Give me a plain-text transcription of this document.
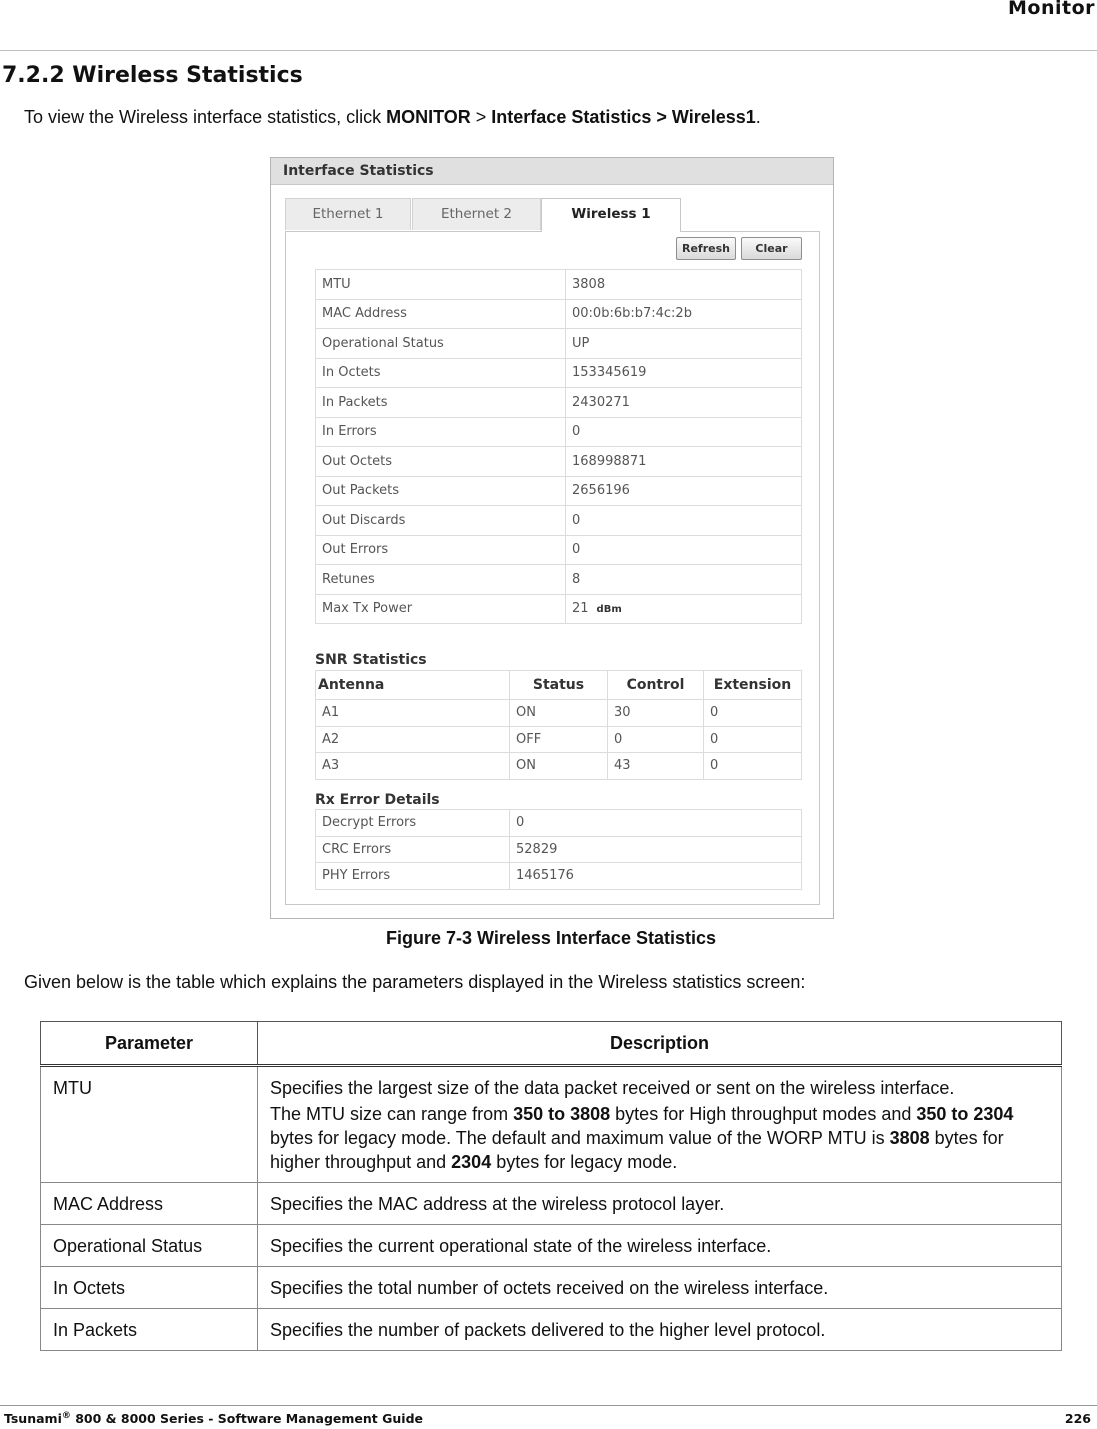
Monitor
7.2.2 Wireless Statistics
To view the Wireless interface statistics, click MONITOR > Interface Statistics > Wireless1.
Interface Statistics
Ethernet 1	Ethernet 2	Wireless 1
Refresh	Clear
MTU	3808
MAC Address	00:0b:6b:b7:4c:2b
Operational Status	UP
In Octets	153345619
In Packets	2430271
In Errors	0
Out Octets	168998871
Out Packets	2656196
Out Discards	0
Out Errors	0
Retunes	8
Max Tx Power	21 dBm
SNR Statistics
Antenna	Status	Control	Extension
A1	ON	30	0
A2	OFF	0	0
A3	ON	43	0
Rx Error Details
Decrypt Errors	0
CRC Errors	52829
PHY Errors	1465176
Figure 7-3 Wireless Interface Statistics
Given below is the table which explains the parameters displayed in the Wireless statistics screen:
Parameter	Description
MTU	Specifies the largest size of the data packet received or sent on the wireless interface.

The MTU size can range from 350 to 3808 bytes for High throughput modes and 350 to 2304 bytes for legacy mode. The default and maximum value of the WORP MTU is 3808 bytes for higher throughput and 2304 bytes for legacy mode.

MAC Address	Specifies the MAC address at the wireless protocol layer.
Operational Status	Specifies the current operational state of the wireless interface.
In Octets	Specifies the total number of octets received on the wireless interface.
In Packets	Specifies the number of packets delivered to the higher level protocol.
Tsunami® 800 & 8000 Series - Software Management Guide	226
